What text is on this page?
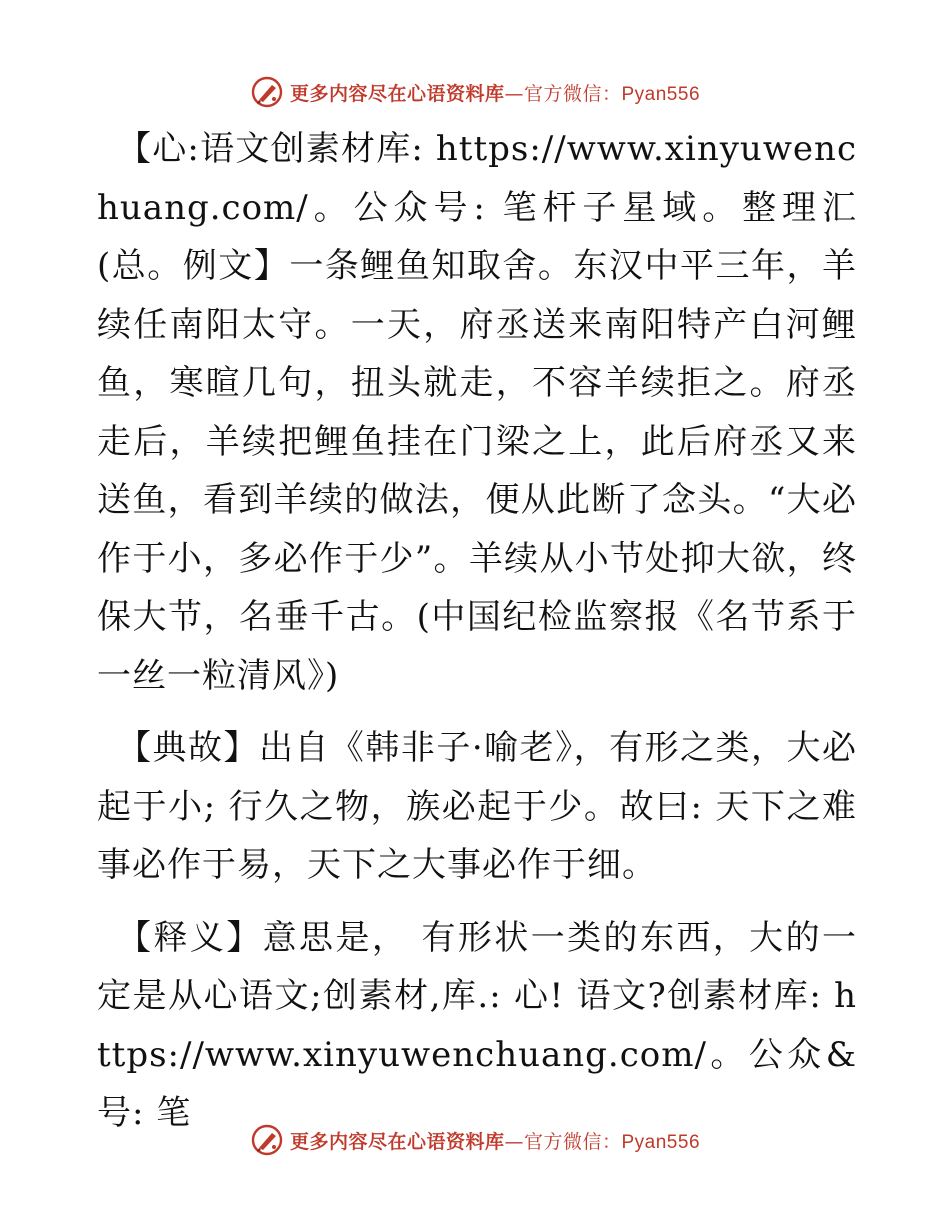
更多内容尽在心语资料库—官方微信：Pyan556

【心:语文创素材库: https://www.xinyuwenchuang.com/。公众号: 笔杆子星域。整理汇(总。例文】一条鲤鱼知取舍。东汉中平三年，羊续任南阳太守。一天，府丞送来南阳特产白河鲤鱼，寒暄几句，扭头就走，不容羊续拒之。府丞走后，羊续把鲤鱼挂在门梁之上，此后府丞又来送鱼，看到羊续的做法，便从此断了念头。“大必作于小，多必作于少”。羊续从小节处抑大欲，终保大节，名垂千古。(中国纪检监察报《名节系于一丝一粒清风》)

【典故】出自《韩非子·喻老》，有形之类，大必起于小; 行久之物，族必起于少。故曰: 天下之难事必作于易，天下之大事必作于细。

【释义】意思是， 有形状一类的东西，大的一定是从心语文;创素材,库.: 心! 语文?创素材库: https://www.xinyuwenchuang.com/。公众&号: 笔

更多内容尽在心语资料库—官方微信：Pyan556
